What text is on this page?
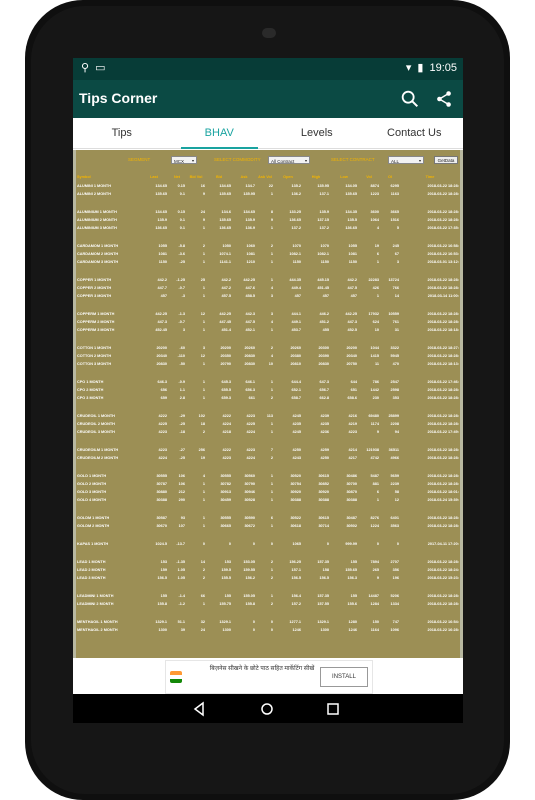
⚲ ▭	▾ ▮ 19:05
Tips Corner
Tips	BHAV	Levels	Contact Us
SEGMENT	MCX ▾	SELECT COMMODITY All Contract	▾	SELECT CONTRACT	ALL	▾	GetData
Symbol	Last	Net	Bid Vol	Bid	Ask	Ask Vol	Open	High	Low	Vol	OI	Time
ALUMINI 1 MONTH	134.65	0.15	16	134.65	134.7	22	135.2	135.95	134.05	8874	6295	2018-03-22 18:28:
ALUMINI 2 MONTH	135.65	0.1	9	135.65	135.95	1	136.2	137.1	135.65	1223	1163	2018-03-22 18:28:

ALUMINIUM 1 MONTH	134.65	0.15	24	134.6	134.65	8	133.25	135.9	134.35	3600	3665	2018-03-22 18:28:
ALUMINIUM 2 MONTH	135.9	0.1	9	135.65	135.9	9	136.65	137.15	135.5	1064	1516	2018-03-22 18:28:
ALUMINIUM 3 MONTH	136.65	0.1	1	136.65	136.9	1	137.2	137.2	136.65	4	5	2018-03-22 17:35:

CARDAMOM 1 MONTH	1055	-5.8	2	1050	1060	2	1070	1070	1055	19	245	2018-03-22 16:58:
CARDAMOM 2 MONTH	1081	-3.6	1	1074.1	1081	1	1082.1	1082.1	1081	6	67	2018-03-22 16:53:
CARDAMOM 3 MONTH	1150	-25	1	1141.1	1210	1	1150	1150	1150	1	3	2018-03-01 13:12:

COPPER 1 MONTH	442.2	-1.25	25	442.2	442.25	1	444.35	445.15	442.2	22283	13724	2018-03-22 18:28:
COPPER 2 MONTH	447.7	-0.7	1	447.2	447.6	4	449.4	451.45	447.5	426	766	2018-03-22 18:28:
COPPER 3 MONTH	457	-3	1	457.5	458.5	3	457	457	457	1	14	2018-03-14 11:00:

COPPERM 1 MONTH	442.25	-1.3	12	442.25	442.3	3	444.1	446.2	442.25	17932	10559	2018-03-22 18:28:
COPPERM 2 MONTH	447.3	-0.7	1	447.45	447.5	4	449.1	451.2	447.3	624	761	2018-03-22 18:28:
COPPERM 3 MONTH	452.45	3	1	451.4	452.1	1	453.7	455	452.5	10	31	2018-03-22 18:18:

COTTON 1 MONTH	20200	-60	3	20200	20260	2	20260	20300	20200	1044	3322	2018-03-22 18:27:
COTTON 2 MONTH	20340	-110	12	20350	20830	4	20380	20390	20340	1415	5945	2018-03-22 18:28:
COTTON 3 MONTH	20830	-50	1	20790	20830	10	20810	20830	20750	11	470	2018-03-22 18:13:

CPO 1 MONTH	646.3	-0.9	1	645.3	646.1	1	644.4	647.3	644	786	2547	2018-03-22 17:46:
CPO 2 MONTH	656	1.1	1	655.5	656.3	1	652.1	656.7	651	1442	2598	2018-03-22 18:28:
CPO 3 MONTH	659	2.8	1	659.3	661	2	658.7	662.8	658.6	230	353	2018-03-22 18:28:

CRUDEOIL 1 MONTH	4222	-29	102	4222	4223	113	4245	4239	4216	69480	25899	2018-03-22 18:28:
CRUDEOIL 2 MONTH	4225	-25	18	4224	4225	1	4235	4235	4219	1174	2208	2018-03-22 18:28:
CRUDEOIL 3 MONTH	4223	-18	2	4218	4224	1	4245	4236	4223	9	94	2018-03-22 17:49:

CRUDEOILM 1 MONTH	4223	-27	256	4222	4223	7	4250	4259	4214	121938	36511	2018-03-22 18:28:
CRUDEOILM 2 MONTH	4224	-25	19	4223	4224	2	4243	4250	4217	4742	4966	2018-03-22 18:28:

GOLD 1 MONTH	30555	106	4	30555	30560	1	30520	30615	30486	5487	5659	2018-03-22 18:28:
GOLD 2 MONTH	30787	106	1	30782	30790	1	30754	30852	30700	881	2239	2018-03-22 18:28:
GOLD 3 MONTH	30880	212	1	30913	30946	1	30920	30920	30870	6	58	2018-03-22 18:01:
GOLD 4 MONTH	30388	290	1	30459	30528	1	30388	30388	30388	1	12	2018-03-24 15:39:

GOLDM 1 MONTH	30587	93	1	30555	30590	6	30522	30615	30487	8276	6401	2018-03-22 18:28:
GOLDM 2 MONTH	30670	107	1	30665	30672	1	30618	30714	30502	1224	3563	2018-03-22 18:28:

KAPAS 1 MONTH	1024.5	-13.7	0	0	0	0	1065	0	999.99	0	0	2017-04-11 17:20:

LEAD 1 MONTH	153	-1.35	14	153	153.05	2	156.25	157.35	155	7894	2707	2018-03-22 18:28:
LEAD 2 MONTH	159	1.05	2	159.5	159.55	1	157.1	158	155.65	265	356	2018-03-22 18:24:
LEAD 3 MONTH	156.5	1.05	2	155.5	156.2	2	156.5	156.5	156.3	9	196	2018-03-22 15:23:

LEADMINI 1 MONTH	155	-1.4	66	155	155.05	1	156.4	157.35	155	14487	5206	2018-03-22 18:28:
LEADMINI 2 MONTH	155.8	-1.2	1	155.75	155.8	2	157.2	157.55	155.6	1284	1334	2018-03-22 18:28:

MENTHAOIL 1 MONTH	1329.1	51.1	32	1329.1	0	0	1277.1	1329.1	1280	150	747	2018-03-22 16:54:
MENTHAOIL 2 MONTH	1300	39	24	1300	0	0	1246	1300	1246	1164	1096	2018-03-22 16:28:
बिज़नेस सीखने के छोटे पाठ सहित मार्केटिंग सीखें
INSTALL
